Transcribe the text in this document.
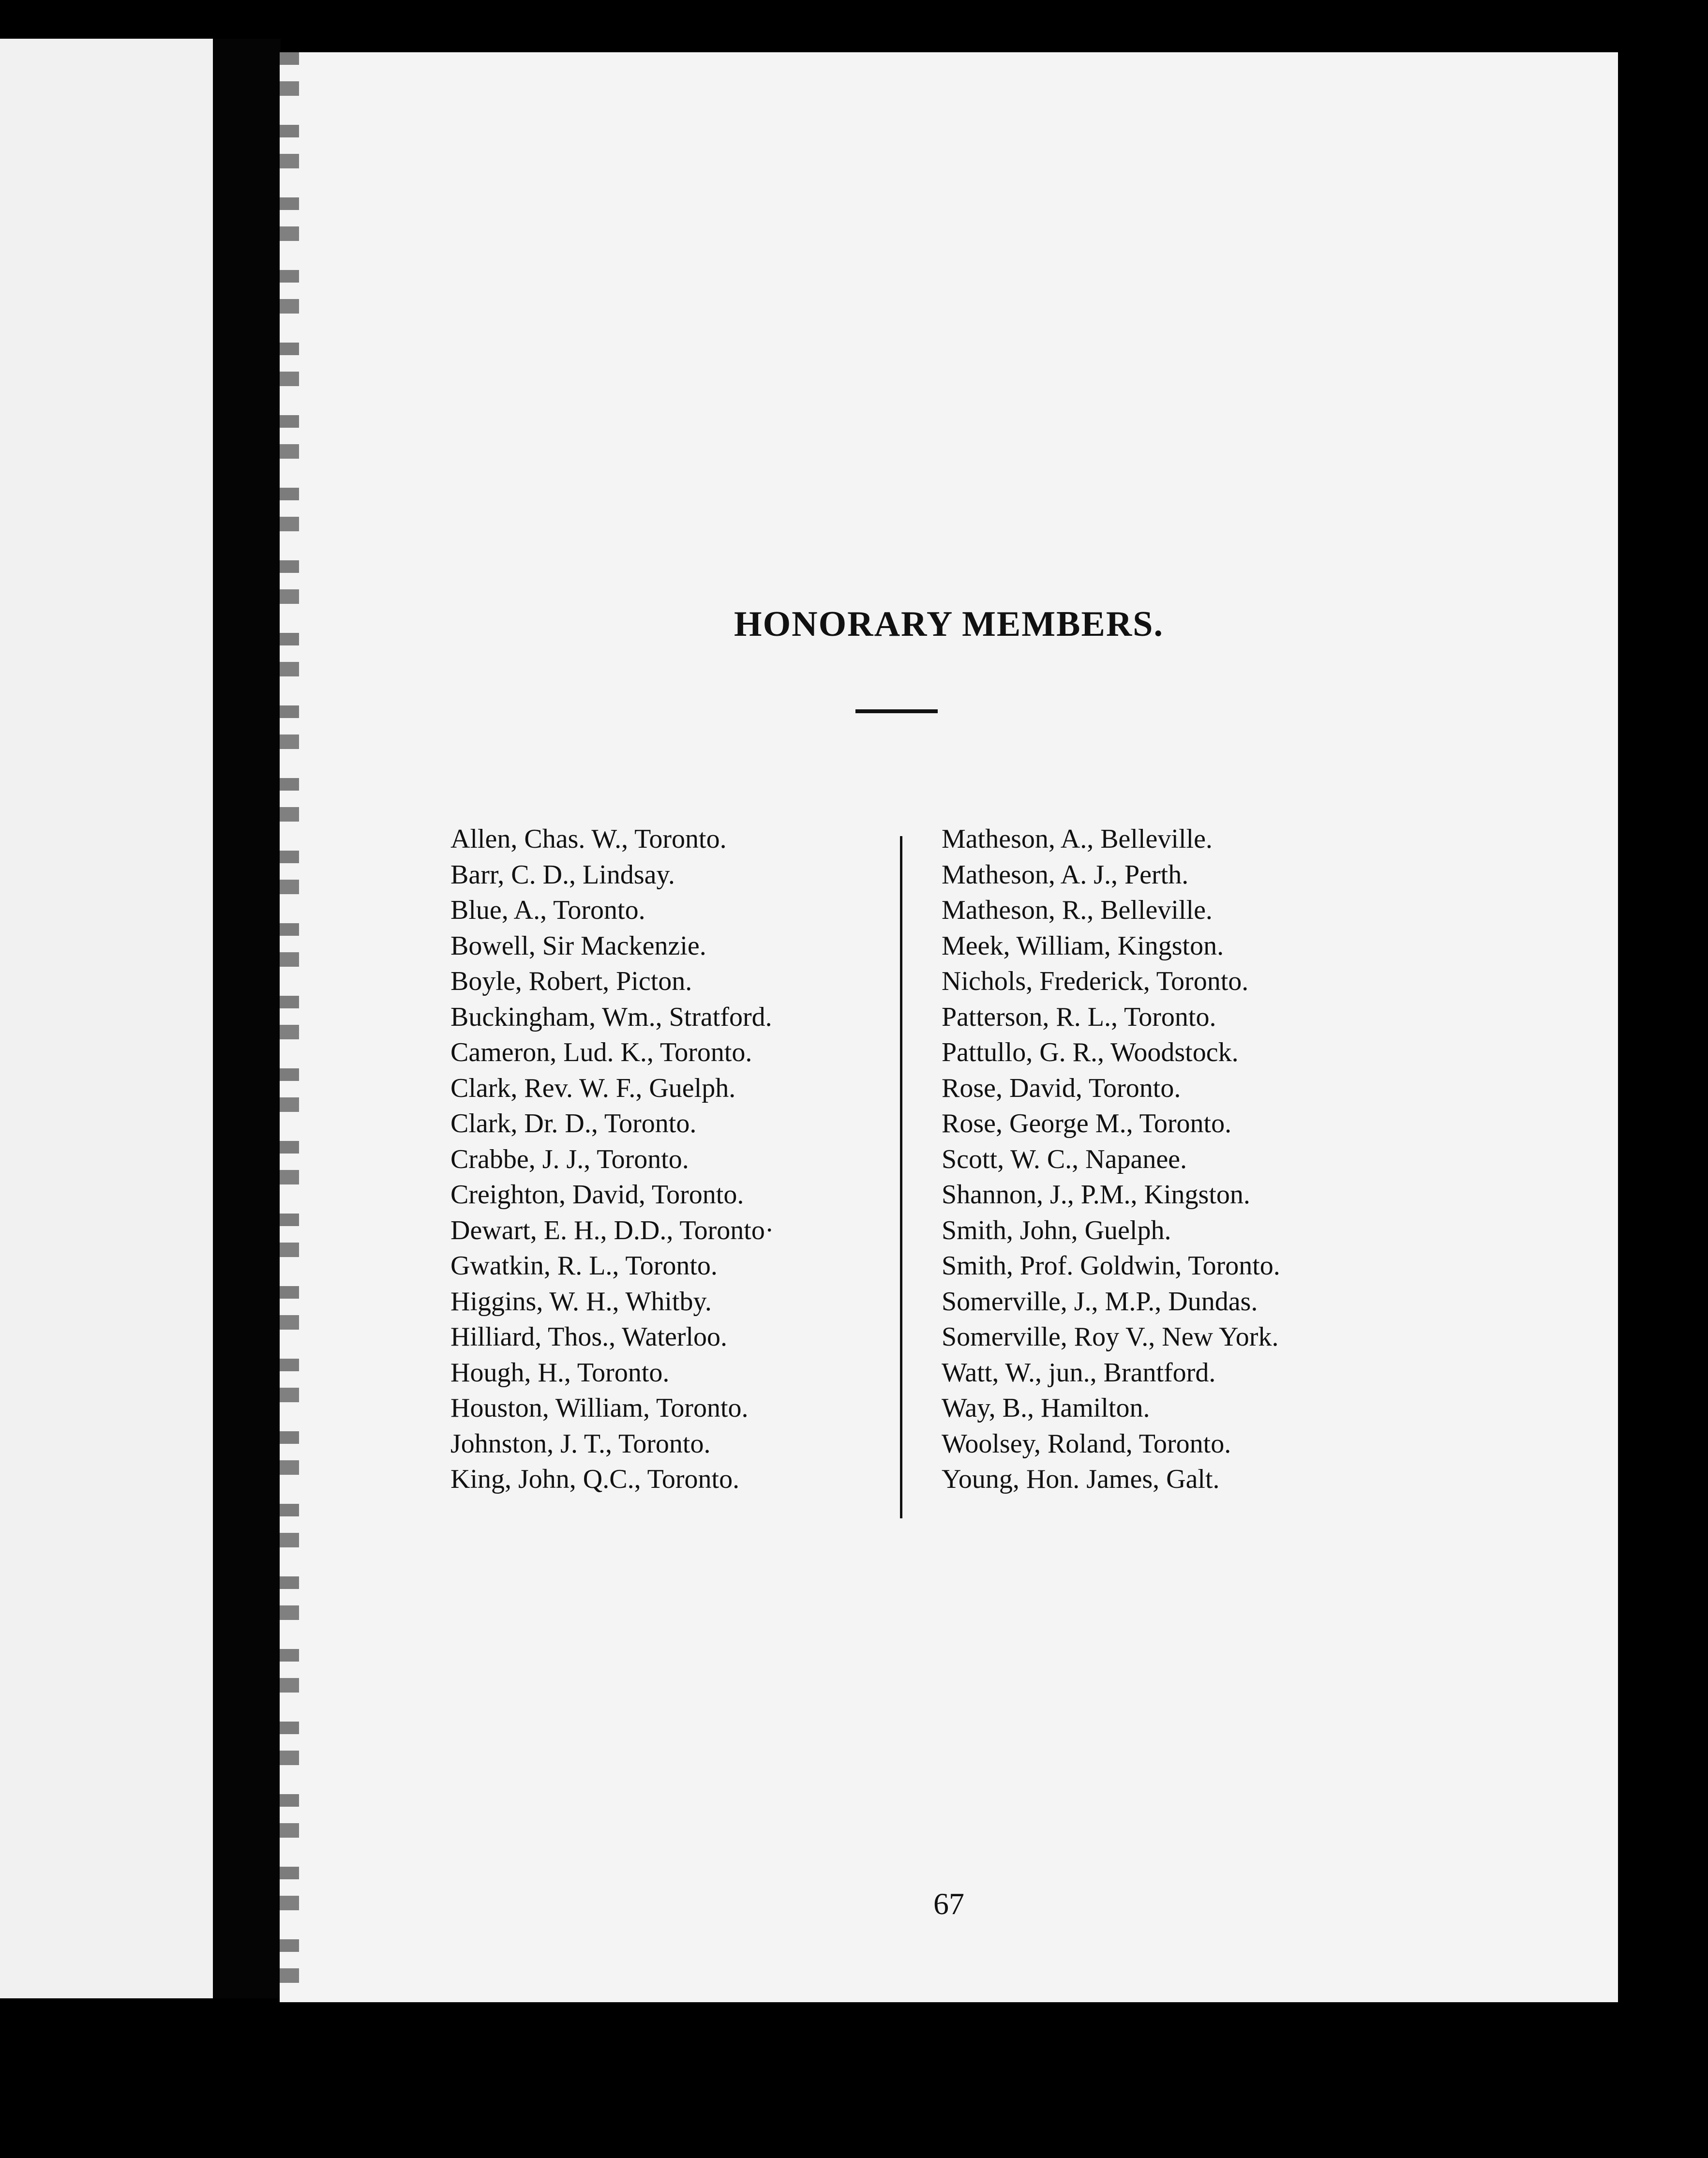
HONORARY MEMBERS.
Allen, Chas. W., Toronto.
Barr, C. D., Lindsay.
Blue, A., Toronto.
Bowell, Sir Mackenzie.
Boyle, Robert, Picton.
Buckingham, Wm., Stratford.
Cameron, Lud. K., Toronto.
Clark, Rev. W. F., Guelph.
Clark, Dr. D., Toronto.
Crabbe, J. J., Toronto.
Creighton, David, Toronto.
Dewart, E. H., D.D., Toronto·
Gwatkin, R. L., Toronto.
Higgins, W. H., Whitby.
Hilliard, Thos., Waterloo.
Hough, H., Toronto.
Houston, William, Toronto.
Johnston, J. T., Toronto.
King, John, Q.C., Toronto.
Matheson, A., Belleville.
Matheson, A. J., Perth.
Matheson, R., Belleville.
Meek, William, Kingston.
Nichols, Frederick, Toronto.
Patterson, R. L., Toronto.
Pattullo, G. R., Woodstock.
Rose, David, Toronto.
Rose, George M., Toronto.
Scott, W. C., Napanee.
Shannon, J., P.M., Kingston.
Smith, John, Guelph.
Smith, Prof. Goldwin, Toronto.
Somerville, J., M.P., Dundas.
Somerville, Roy V., New York.
Watt, W., jun., Brantford.
Way, B., Hamilton.
Woolsey, Roland, Toronto.
Young, Hon. James, Galt.
67
